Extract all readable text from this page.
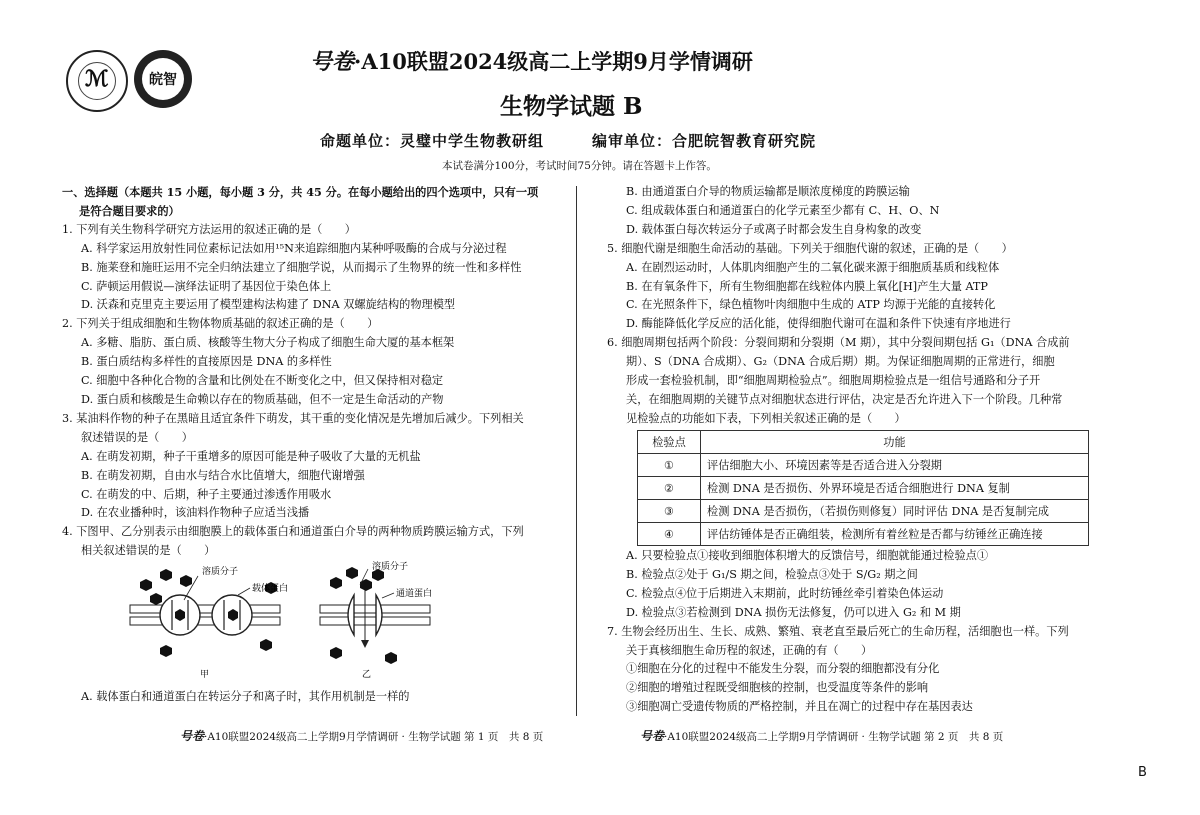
ℳ	皖智
号卷·A10联盟2024级高二上学期9月学情调研
生物学试题 B
命题单位：灵璧中学生物教研组　　　编审单位：合肥皖智教育研究院
本试卷满分100分，考试时间75分钟。请在答题卡上作答。
一、选择题（本题共 15 小题，每小题 3 分，共 45 分。在每小题给出的四个选项中，只有一项
是符合题目要求的）
1. 下列有关生物科学研究方法运用的叙述正确的是（　　）
A. 科学家运用放射性同位素标记法如用¹⁵N来追踪细胞内某种呼吸酶的合成与分泌过程
B. 施莱登和施旺运用不完全归纳法建立了细胞学说，从而揭示了生物界的统一性和多样性
C. 萨顿运用假说—演绎法证明了基因位于染色体上
D. 沃森和克里克主要运用了模型建构法构建了 DNA 双螺旋结构的物理模型
2. 下列关于组成细胞和生物体物质基础的叙述正确的是（　　）
A. 多糖、脂肪、蛋白质、核酸等生物大分子构成了细胞生命大厦的基本框架
B. 蛋白质结构多样性的直接原因是 DNA 的多样性
C. 细胞中各种化合物的含量和比例处在不断变化之中，但又保持相对稳定
D. 蛋白质和核酸是生命赖以存在的物质基础，但不一定是生命活动的产物
3. 某油料作物的种子在黑暗且适宜条件下萌发，其干重的变化情况是先增加后减少。下列相关
叙述错误的是（　　）
A. 在萌发初期，种子干重增多的原因可能是种子吸收了大量的无机盐
B. 在萌发初期，自由水与结合水比值增大，细胞代谢增强
C. 在萌发的中、后期，种子主要通过渗透作用吸水
D. 在农业播种时，该油料作物种子应适当浅播
4. 下图甲、乙分别表示由细胞膜上的载体蛋白和通道蛋白介导的两种物质跨膜运输方式，下列
相关叙述错误的是（　　）
溶质分子
载体蛋白
甲
溶质分子
通道蛋白
乙
A. 载体蛋白和通道蛋白在转运分子和离子时，其作用机制是一样的
B. 由通道蛋白介导的物质运输都是顺浓度梯度的跨膜运输
C. 组成载体蛋白和通道蛋白的化学元素至少都有 C、H、O、N
D. 载体蛋白每次转运分子或离子时都会发生自身构象的改变
5. 细胞代谢是细胞生命活动的基础。下列关于细胞代谢的叙述，正确的是（　　）
A. 在剧烈运动时，人体肌肉细胞产生的二氧化碳来源于细胞质基质和线粒体
B. 在有氧条件下，所有生物细胞都在线粒体内膜上氧化[H]产生大量 ATP
C. 在光照条件下，绿色植物叶肉细胞中生成的 ATP 均源于光能的直接转化
D. 酶能降低化学反应的活化能，使得细胞代谢可在温和条件下快速有序地进行
6. 细胞周期包括两个阶段：分裂间期和分裂期（M 期），其中分裂间期包括 G₁（DNA 合成前
期）、S（DNA 合成期）、G₂（DNA 合成后期）期。为保证细胞周期的正常进行，细胞
形成一套检验机制，即“细胞周期检验点”。细胞周期检验点是一组信号通路和分子开
关，在细胞周期的关键节点对细胞状态进行评估，决定是否允许进入下一个阶段。几种常
见检验点的功能如下表，下列相关叙述正确的是（　　）
检验点	功能
①	评估细胞大小、环境因素等是否适合进入分裂期
②	检测 DNA 是否损伤、外界环境是否适合细胞进行 DNA 复制
③	检测 DNA 是否损伤，（若损伤则修复）同时评估 DNA 是否复制完成
④	评估纺锤体是否正确组装，检测所有着丝粒是否都与纺锤丝正确连接
A. 只要检验点①接收到细胞体积增大的反馈信号，细胞就能通过检验点①
B. 检验点②处于 G₁/S 期之间，检验点③处于 S/G₂ 期之间
C. 检验点④位于后期进入末期前，此时纺锤丝牵引着染色体运动
D. 检验点③若检测到 DNA 损伤无法修复，仍可以进入 G₂ 和 M 期
7. 生物会经历出生、生长、成熟、繁殖、衰老直至最后死亡的生命历程，活细胞也一样。下列
关于真核细胞生命历程的叙述，正确的有（　　）
①细胞在分化的过程中不能发生分裂，而分裂的细胞都没有分化
②细胞的增殖过程既受细胞核的控制，也受温度等条件的影响
③细胞凋亡受遗传物质的严格控制，并且在凋亡的过程中存在基因表达
号卷·A10联盟2024级高二上学期9月学情调研 · 生物学试题 第 1 页　共 8 页	号卷·A10联盟2024级高二上学期9月学情调研 · 生物学试题 第 2 页　共 8 页
B
